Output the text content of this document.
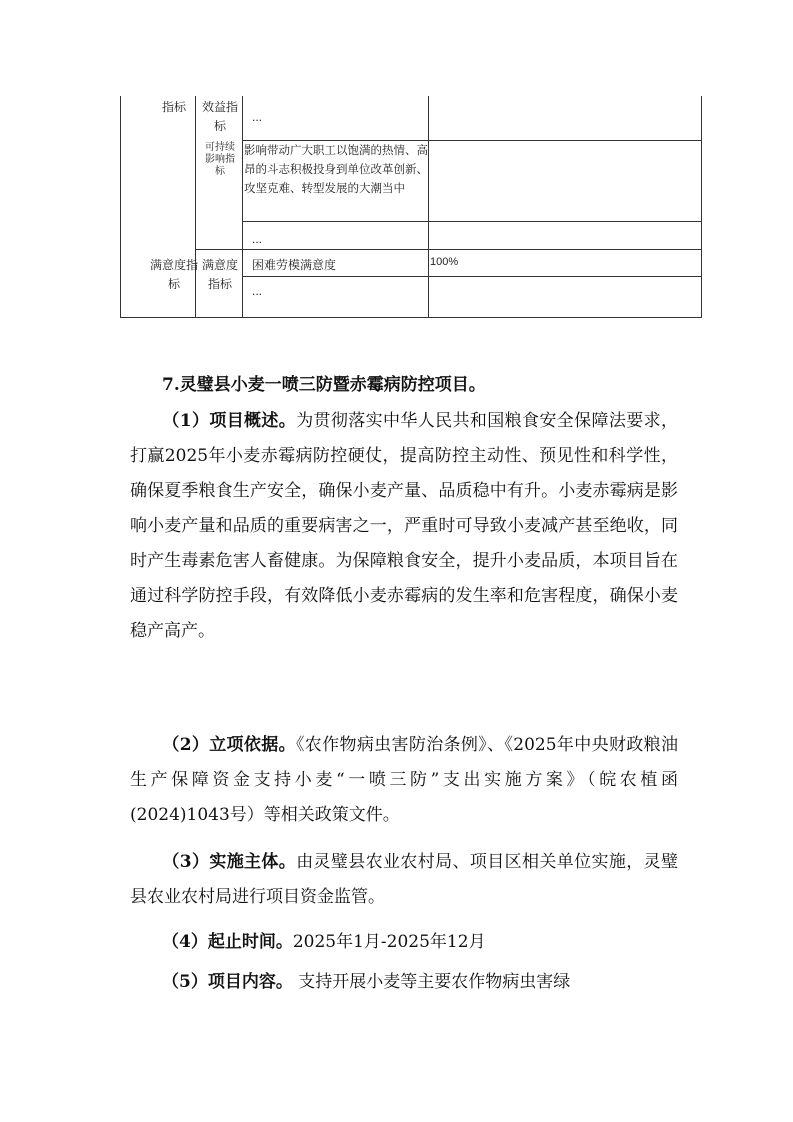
指标	效益指标
...
可持续影响指标
影响带动广大职工以饱满的热情、高昂的斗志积极投身到单位改革创新、攻坚克难、转型发展的大潮当中
...
满意度指标
满意度指标
困难劳模满意度	100%
...
7.灵璧县小麦一喷三防暨赤霉病防控项目。
（1）项目概述。为贯彻落实中华人民共和国粮食安全保障法要求，打赢2025年小麦赤霉病防控硬仗，提高防控主动性、预见性和科学性，确保夏季粮食生产安全，确保小麦产量、品质稳中有升。小麦赤霉病是影响小麦产量和品质的重要病害之一，严重时可导致小麦减产甚至绝收，同时产生毒素危害人畜健康。为保障粮食安全，提升小麦品质，本项目旨在通过科学防控手段，有效降低小麦赤霉病的发生率和危害程度，确保小麦稳产高产。
（2）立项依据。《农作物病虫害防治条例》、《2025年中央财政粮油生产保障资金支持小麦“一喷三防”支出实施方案》（皖农植函(2024)1043号）等相关政策文件。
（3）实施主体。由灵璧县农业农村局、项目区相关单位实施，灵璧县农业农村局进行项目资金监管。
（4）起止时间。2025年1月-2025年12月
（5）项目内容。 支持开展小麦等主要农作物病虫害绿
